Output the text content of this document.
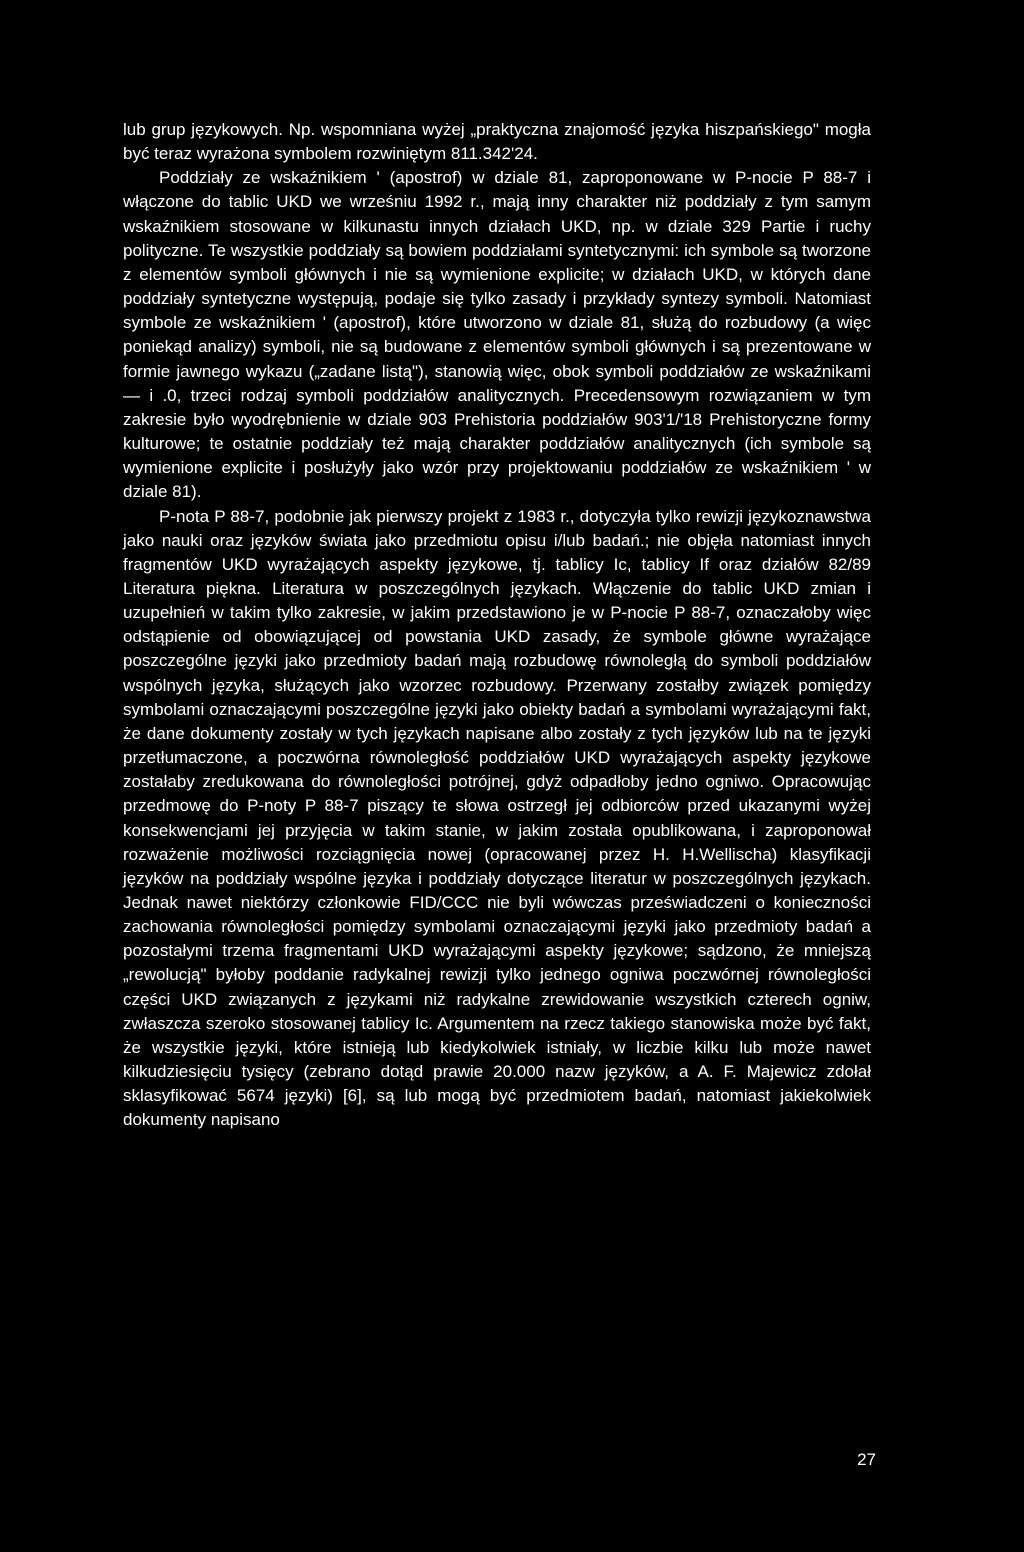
lub grup językowych. Np. wspomniana wyżej „praktyczna znajomość języka hiszpańskiego" mogła być teraz wyrażona symbolem rozwiniętym 811.342'24.

Poddziały ze wskaźnikiem ' (apostrof) w dziale 81, zaproponowane w P-nocie P 88-7 i włączone do tablic UKD we wrześniu 1992 r., mają inny charakter niż poddziały z tym samym wskaźnikiem stosowane w kilkunastu innych działach UKD, np. w dziale 329 Partie i ruchy polityczne. Te wszystkie poddziały są bowiem poddziałami syntetycznymi: ich symbole są tworzone z elementów symboli głównych i nie są wymienione explicite; w działach UKD, w których dane poddziały syntetyczne występują, podaje się tylko zasady i przykłady syntezy symboli. Natomiast symbole ze wskaźnikiem ' (apostrof), które utworzono w dziale 81, służą do rozbudowy (a więc poniekąd analizy) symboli, nie są budowane z elementów symboli głównych i są prezentowane w formie jawnego wykazu („zadane listą"), stanowią więc, obok symboli poddziałów ze wskaźnikami — i .0, trzeci rodzaj symboli poddziałów analitycznych. Precedensowym rozwiązaniem w tym zakresie było wyodrębnienie w dziale 903 Prehistoria poddziałów 903'1/'18 Prehistoryczne formy kulturowe; te ostatnie poddziały też mają charakter poddziałów analitycznych (ich symbole są wymienione explicite i posłużyły jako wzór przy projektowaniu poddziałów ze wskaźnikiem ' w dziale 81).

P-nota P 88-7, podobnie jak pierwszy projekt z 1983 r., dotyczyła tylko rewizji językoznawstwa jako nauki oraz języków świata jako przedmiotu opisu i/lub badań.; nie objęła natomiast innych fragmentów UKD wyrażających aspekty językowe, tj. tablicy Ic, tablicy If oraz działów 82/89 Literatura piękna. Literatura w poszczególnych językach. Włączenie do tablic UKD zmian i uzupełnień w takim tylko zakresie, w jakim przedstawiono je w P-nocie P 88-7, oznaczałoby więc odstąpienie od obowiązującej od powstania UKD zasady, że symbole główne wyrażające poszczególne języki jako przedmioty badań mają rozbudowę równoległą do symboli poddziałów wspólnych języka, służących jako wzorzec rozbudowy. Przerwany zostałby związek pomiędzy symbolami oznaczającymi poszczególne języki jako obiekty badań a symbolami wyrażającymi fakt, że dane dokumenty zostały w tych językach napisane albo zostały z tych języków lub na te języki przetłumaczone, a poczwórna równoległość poddziałów UKD wyrażających aspekty językowe zostałaby zredukowana do równoległości potrójnej, gdyż odpadłoby jedno ogniwo. Opracowując przedmowę do P-noty P 88-7 piszący te słowa ostrzegł jej odbiorców przed ukazanymi wyżej konsekwencjami jej przyjęcia w takim stanie, w jakim została opublikowana, i zaproponował rozważenie możliwości rozciągnięcia nowej (opracowanej przez H. H.Wellischa) klasyfikacji języków na poddziały wspólne języka i poddziały dotyczące literatur w poszczególnych językach. Jednak nawet niektórzy członkowie FID/CCC nie byli wówczas przeświadczeni o konieczności zachowania równoległości pomiędzy symbolami oznaczającymi języki jako przedmioty badań a pozostałymi trzema fragmentami UKD wyrażającymi aspekty językowe; sądzono, że mniejszą „rewolucją" byłoby poddanie radykalnej rewizji tylko jednego ogniwa poczwórnej równoległości części UKD związanych z językami niż radykalne zrewidowanie wszystkich czterech ogniw, zwłaszcza szeroko stosowanej tablicy Ic. Argumentem na rzecz takiego stanowiska może być fakt, że wszystkie języki, które istnieją lub kiedykolwiek istniały, w liczbie kilku lub może nawet kilkudziesięciu tysięcy (zebrano dotąd prawie 20.000 nazw języków, a A. F. Majewicz zdołał sklasyfikować 5674 języki) [6], są lub mogą być przedmiotem badań, natomiast jakiekolwiek dokumenty napisano

27
